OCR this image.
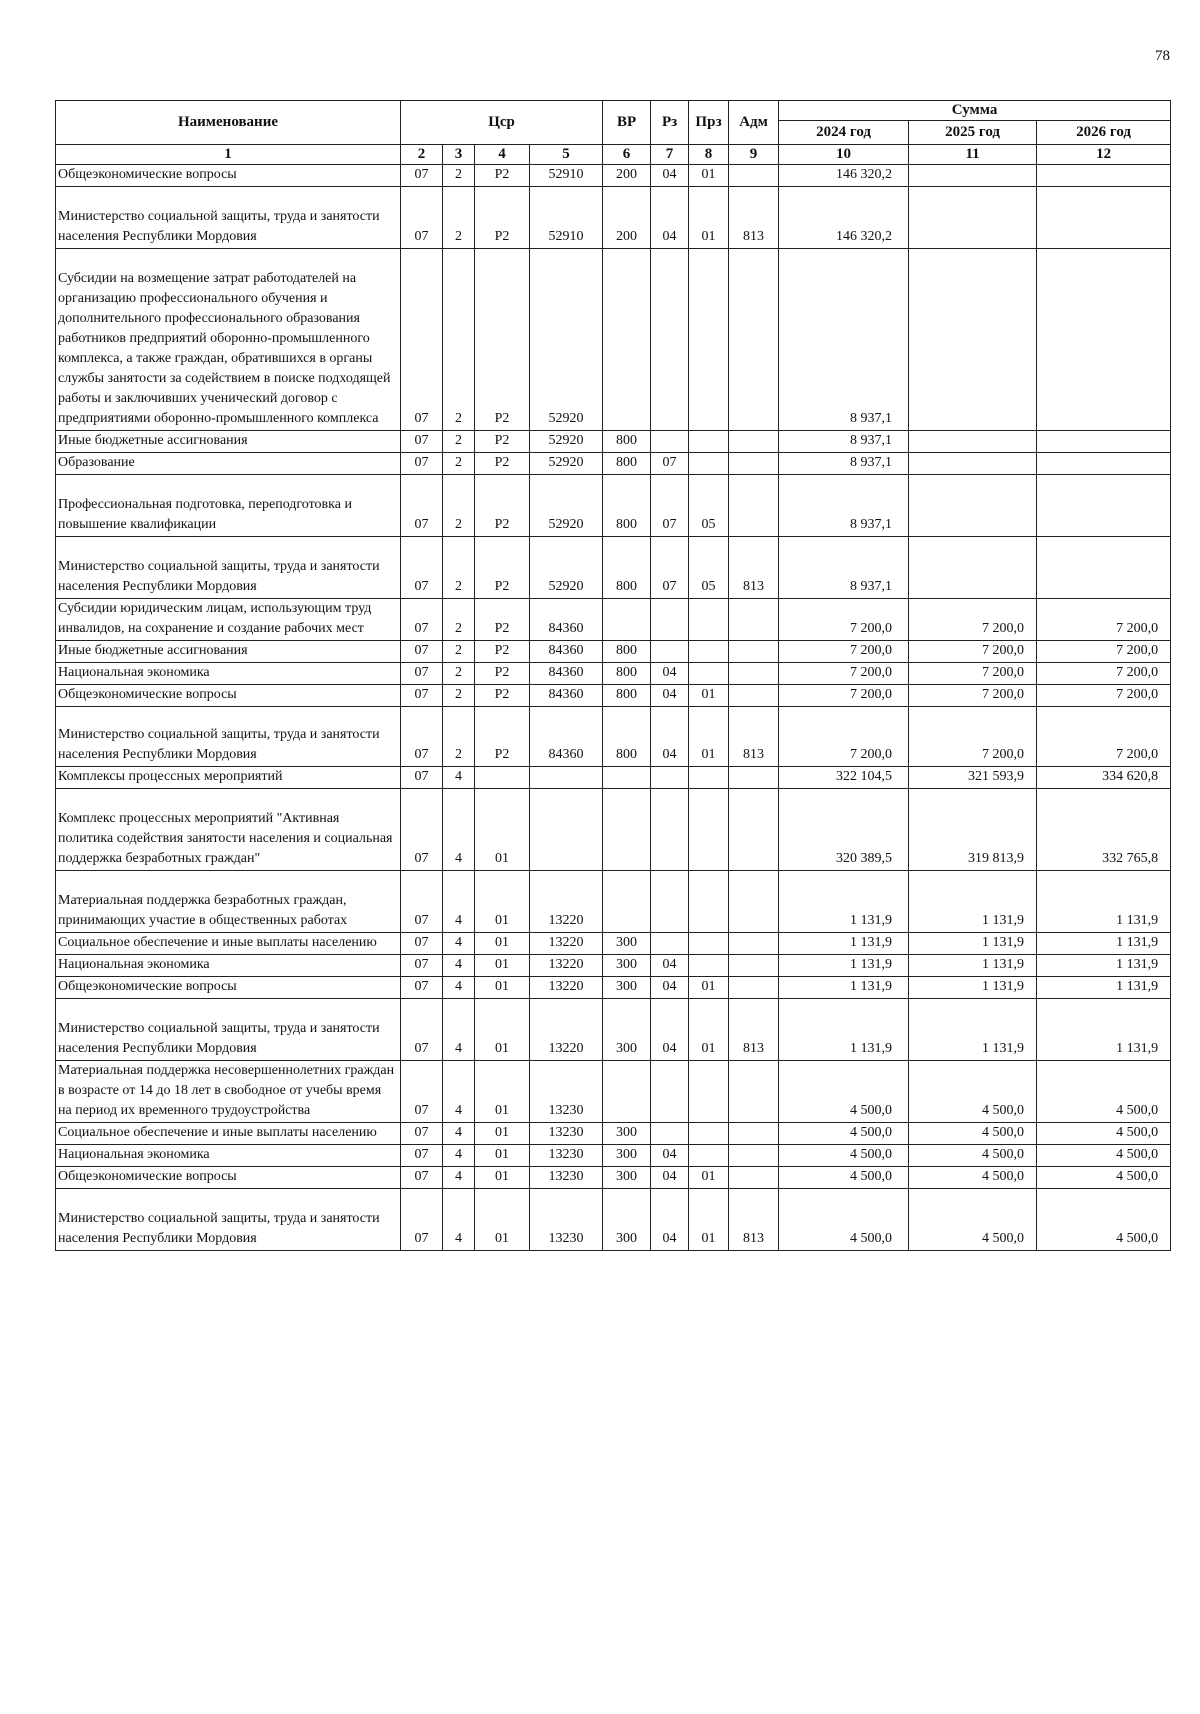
78
Наименование	Цср				ВР	Рз	Прз	Адм	Сумма		
									2024 год	2025 год	2026 год
1	2	3	4	5	6	7	8	9	10	11	12
Общеэкономические вопросы	07	2	Р2	52910	200	04	01		146 320,2		
Министерство социальной защиты, труда и занятости населения Республики Мордовия	07	2	Р2	52910	200	04	01	813	146 320,2		
Субсидии на возмещение затрат работодателей на организацию профессионального обучения и дополнительного профессионального образования работников предприятий оборонно-промышленного комплекса, а также граждан, обратившихся в органы службы занятости за содействием в поиске подходящей работы и заключивших ученический договор с предприятиями оборонно-промышленного комплекса	07	2	Р2	52920					8 937,1		
Иные бюджетные ассигнования	07	2	Р2	52920	800				8 937,1		
Образование	07	2	Р2	52920	800	07			8 937,1		
Профессиональная подготовка, переподготовка и повышение квалификации	07	2	Р2	52920	800	07	05		8 937,1		
Министерство социальной защиты, труда и занятости населения Республики Мордовия	07	2	Р2	52920	800	07	05	813	8 937,1		
Субсидии юридическим лицам, использующим труд инвалидов, на сохранение и создание рабочих мест	07	2	Р2	84360					7 200,0	7 200,0	7 200,0
Иные бюджетные ассигнования	07	2	Р2	84360	800				7 200,0	7 200,0	7 200,0
Национальная экономика	07	2	Р2	84360	800	04			7 200,0	7 200,0	7 200,0
Общеэкономические вопросы	07	2	Р2	84360	800	04	01		7 200,0	7 200,0	7 200,0
Министерство социальной защиты, труда и занятости населения Республики Мордовия	07	2	Р2	84360	800	04	01	813	7 200,0	7 200,0	7 200,0
Комплексы процессных мероприятий	07	4							322 104,5	321 593,9	334 620,8
Комплекс процессных мероприятий "Активная политика содействия занятости населения и социальная поддержка безработных граждан"	07	4	01						320 389,5	319 813,9	332 765,8
Материальная поддержка безработных граждан, принимающих участие в общественных работах	07	4	01	13220					1 131,9	1 131,9	1 131,9
Социальное обеспечение и иные выплаты населению	07	4	01	13220	300				1 131,9	1 131,9	1 131,9
Национальная экономика	07	4	01	13220	300	04			1 131,9	1 131,9	1 131,9
Общеэкономические вопросы	07	4	01	13220	300	04	01		1 131,9	1 131,9	1 131,9
Министерство социальной защиты, труда и занятости населения Республики Мордовия	07	4	01	13220	300	04	01	813	1 131,9	1 131,9	1 131,9
Материальная поддержка несовершеннолетних граждан в возрасте от 14 до 18 лет в свободное от учебы время на период их временного трудоустройства	07	4	01	13230					4 500,0	4 500,0	4 500,0
Социальное обеспечение и иные выплаты населению	07	4	01	13230	300				4 500,0	4 500,0	4 500,0
Национальная экономика	07	4	01	13230	300	04			4 500,0	4 500,0	4 500,0
Общеэкономические вопросы	07	4	01	13230	300	04	01		4 500,0	4 500,0	4 500,0
Министерство социальной защиты, труда и занятости населения Республики Мордовия	07	4	01	13230	300	04	01	813	4 500,0	4 500,0	4 500,0
